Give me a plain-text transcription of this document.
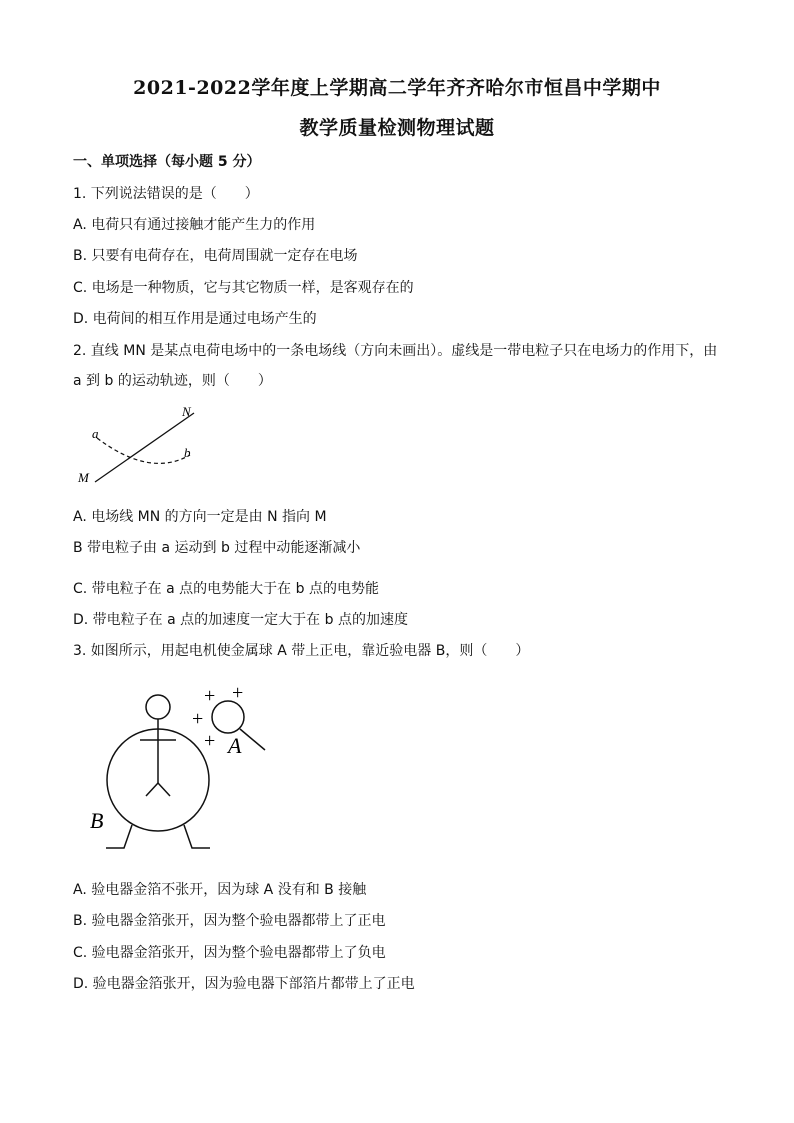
2021-2022学年度上学期高二学年齐齐哈尔市恒昌中学期中
教学质量检测物理试题
一、单项选择（每小题 5 分）
1. 下列说法错误的是（　　）
A. 电荷只有通过接触才能产生力的作用
B. 只要有电荷存在，电荷周围就一定存在电场
C. 电场是一种物质，它与其它物质一样，是客观存在的
D. 电荷间的相互作用是通过电场产生的
2. 直线 MN 是某点电荷电场中的一条电场线（方向未画出）。虚线是一带电粒子只在电场力的作用下，由
a 到 b 的运动轨迹，则（　　）
N
M
a
b
A. 电场线 MN 的方向一定是由 N 指向 M
B 带电粒子由 a 运动到 b 过程中动能逐渐减小
C. 带电粒子在 a 点的电势能大于在 b 点的电势能
D. 带电粒子在 a 点的加速度一定大于在 b 点的加速度
3. 如图所示，用起电机使金属球 A 带上正电，靠近验电器 B，则（　　）
+ +
+
+ A
B
A. 验电器金箔不张开，因为球 A 没有和 B 接触
B. 验电器金箔张开，因为整个验电器都带上了正电
C. 验电器金箔张开，因为整个验电器都带上了负电
D. 验电器金箔张开，因为验电器下部箔片都带上了正电
